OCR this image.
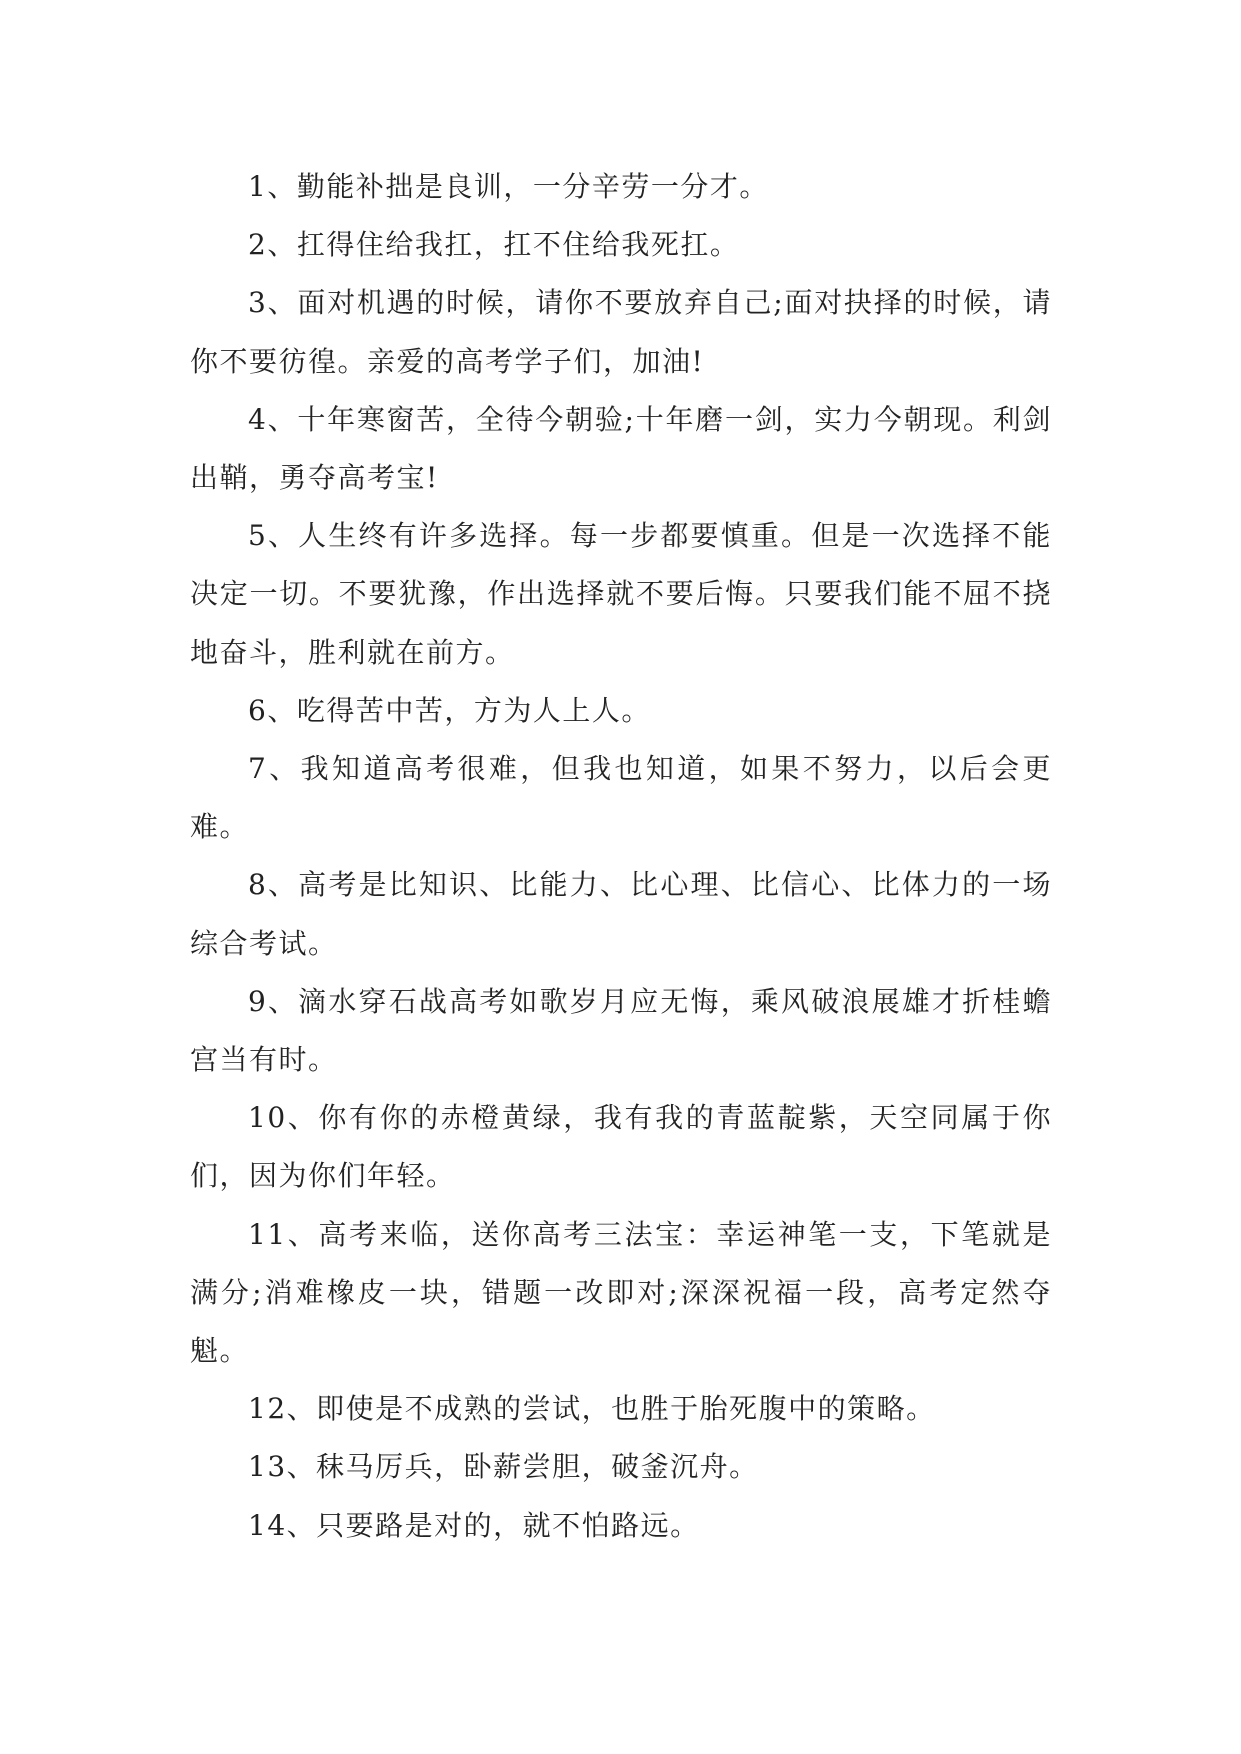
1、勤能补拙是良训，一分辛劳一分才。

2、扛得住给我扛，扛不住给我死扛。

3、面对机遇的时候，请你不要放弃自己;面对抉择的时候，请你不要彷徨。亲爱的高考学子们，加油!

4、十年寒窗苦，全待今朝验;十年磨一剑，实力今朝现。利剑出鞘，勇夺高考宝!

5、人生终有许多选择。每一步都要慎重。但是一次选择不能决定一切。不要犹豫，作出选择就不要后悔。只要我们能不屈不挠地奋斗，胜利就在前方。

6、吃得苦中苦，方为人上人。

7、我知道高考很难，但我也知道，如果不努力，以后会更难。

8、高考是比知识、比能力、比心理、比信心、比体力的一场综合考试。

9、滴水穿石战高考如歌岁月应无悔，乘风破浪展雄才折桂蟾宫当有时。

10、你有你的赤橙黄绿，我有我的青蓝靛紫，天空同属于你们，因为你们年轻。

11、高考来临，送你高考三法宝：幸运神笔一支，下笔就是满分;消难橡皮一块，错题一改即对;深深祝福一段，高考定然夺魁。

12、即使是不成熟的尝试，也胜于胎死腹中的策略。

13、秣马厉兵，卧薪尝胆，破釜沉舟。

14、只要路是对的，就不怕路远。
